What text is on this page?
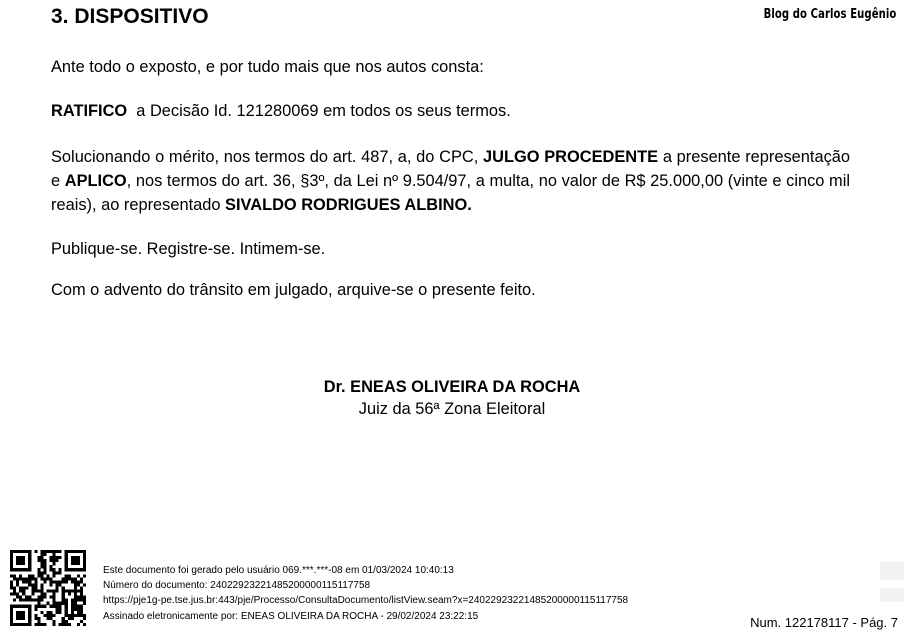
Blog do Carlos Eugênio
3. DISPOSITIVO
Ante todo o exposto, e por tudo mais que nos autos consta:
RATIFICO  a Decisão Id. 121280069 em todos os seus termos.
Solucionando o mérito, nos termos do art. 487, a, do CPC, JULGO PROCEDENTE a presente representação e APLICO, nos termos do art. 36, §3º, da Lei nº 9.504/97, a multa, no valor de R$ 25.000,00 (vinte e cinco mil reais), ao representado SIVALDO RODRIGUES ALBINO.
Publique-se. Registre-se. Intimem-se.
Com o advento do trânsito em julgado, arquive-se o presente feito.
Dr. ENEAS OLIVEIRA DA ROCHA
Juiz da 56ª Zona Eleitoral
Este documento foi gerado pelo usuário 069.***.***-08 em 01/03/2024 10:40:13
Número do documento: 24022923221485200000115117758
https://pje1g-pe.tse.jus.br:443/pje/Processo/ConsultaDocumento/listView.seam?x=24022923221485200000115117758
Assinado eletronicamente por: ENEAS OLIVEIRA DA ROCHA - 29/02/2024 23:22:15	Num. 122178117 - Pág. 7
